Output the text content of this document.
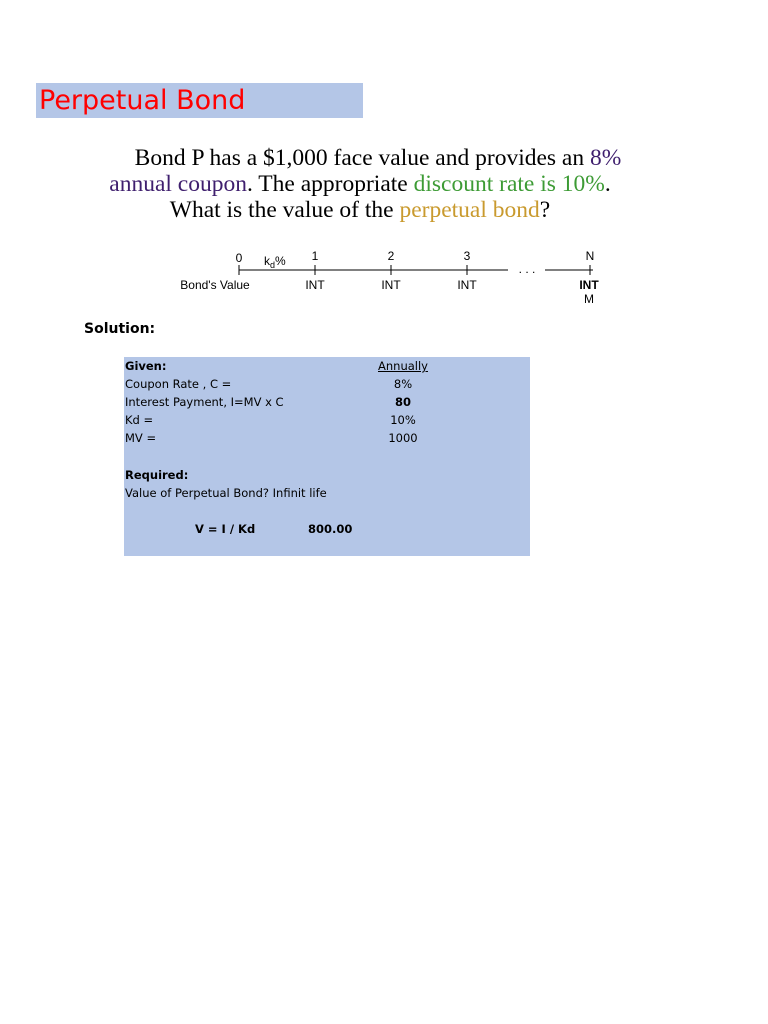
Perpetual Bond
Bond P has a $1,000 face value and provides an 8%
annual coupon. The appropriate discount rate is 10%.
What is the value of the perpetual bond?
0	1	2	3	N
$k_d\%$
. . .
Bond's Value	INT	INT	INT	INT
M
Solution:
Given:	Annually
Coupon Rate , C =	8%
Interest Payment, I=MV x C	80
Kd =	10%
MV =	1000
Required:
Value of Perpetual Bond? Infinit life
V = I / Kd	800.00
